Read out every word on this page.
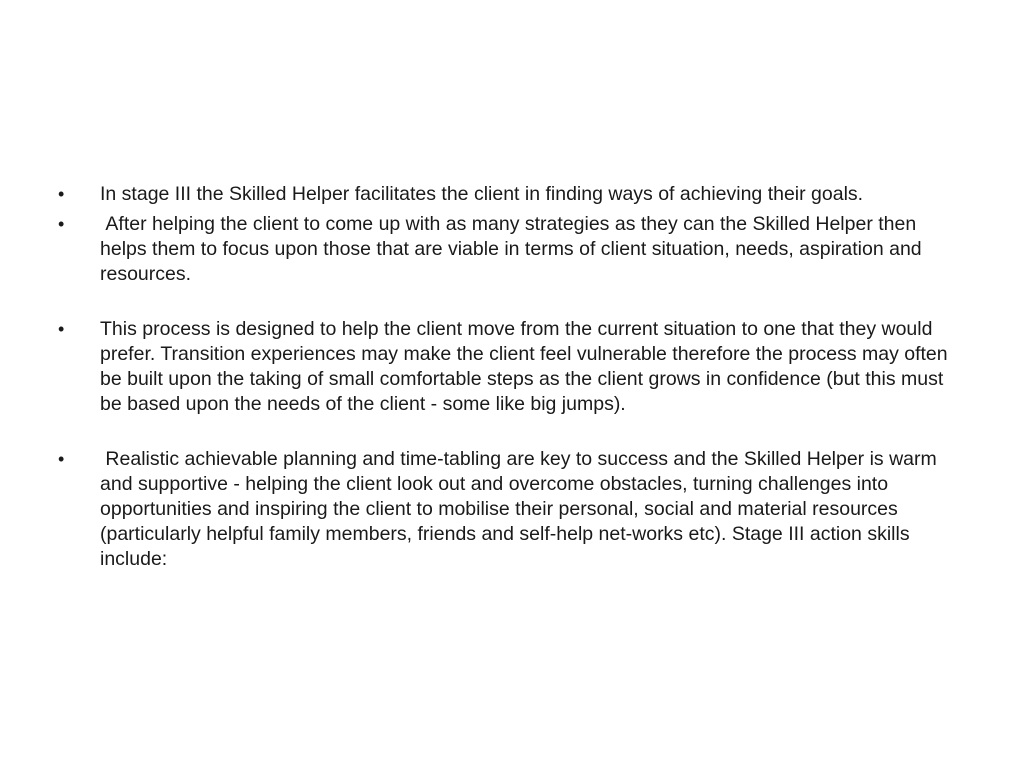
•	In stage III the Skilled Helper facilitates the client in finding ways of achieving their goals.
•	After helping the client to come up with as many strategies as they can the Skilled Helper then helps them to focus upon those that are viable in terms of client situation, needs, aspiration and resources.
•	This process is designed to help the client move from the current situation to one that they would prefer. Transition experiences may make the client feel vulnerable therefore the process may often be built upon the taking of small comfortable steps as the client grows in confidence (but this must be based upon the needs of the client - some like big jumps).
•	Realistic achievable planning and time-tabling are key to success and the Skilled Helper is warm and supportive - helping the client look out and overcome obstacles, turning challenges into opportunities and inspiring the client to mobilise their personal, social and material resources (particularly helpful family members, friends and self-help net-works etc). Stage III action skills include:
